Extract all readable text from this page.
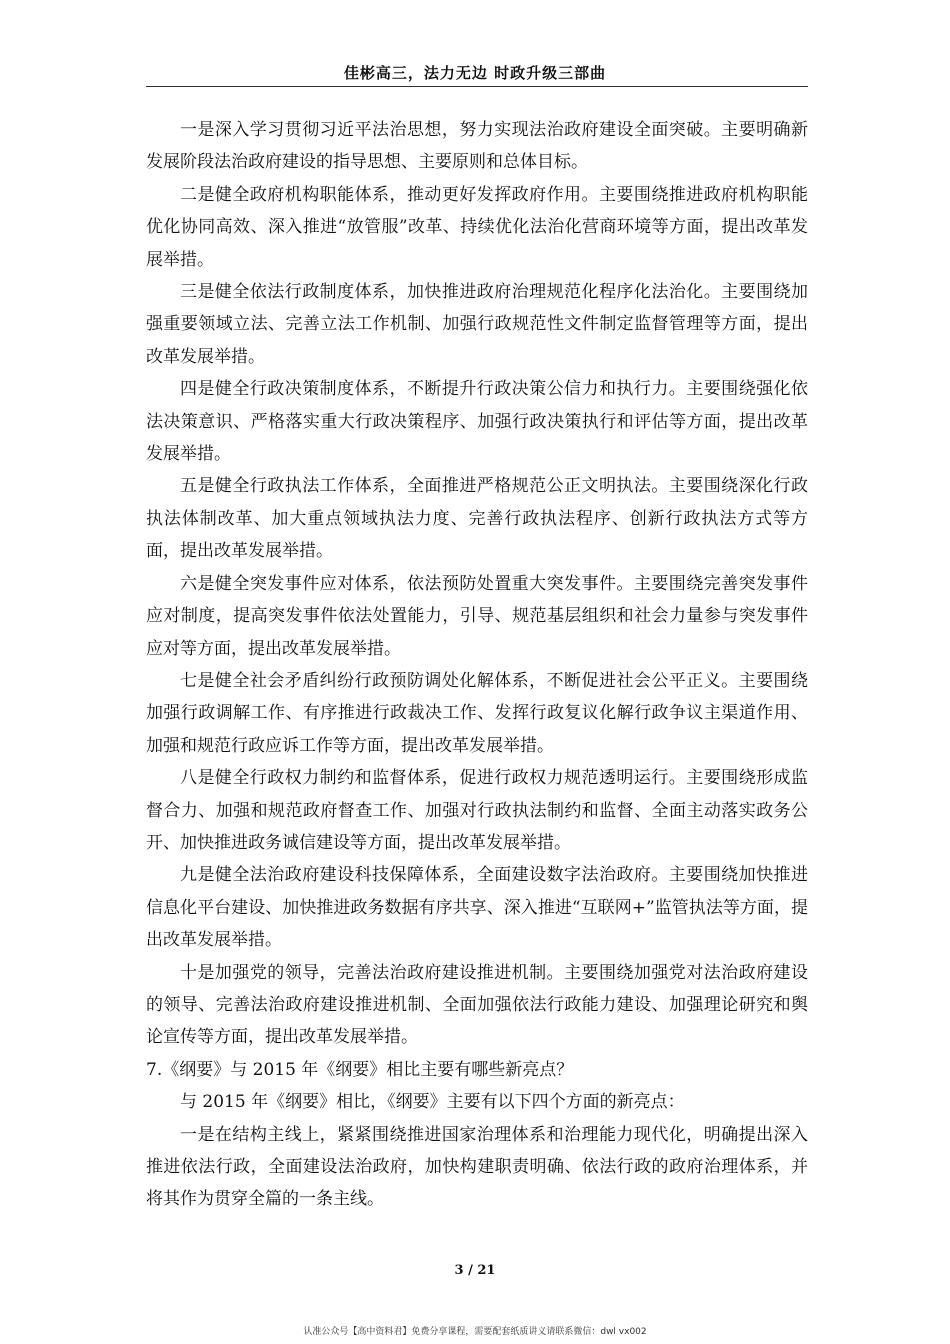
佳彬高三，法力无边 时政升级三部曲

一是深入学习贯彻习近平法治思想，努力实现法治政府建设全面突破。主要明确新发展阶段法治政府建设的指导思想、主要原则和总体目标。

二是健全政府机构职能体系，推动更好发挥政府作用。主要围绕推进政府机构职能优化协同高效、深入推进“放管服”改革、持续优化法治化营商环境等方面，提出改革发展举措。

三是健全依法行政制度体系，加快推进政府治理规范化程序化法治化。主要围绕加强重要领域立法、完善立法工作机制、加强行政规范性文件制定监督管理等方面，提出改革发展举措。

四是健全行政决策制度体系，不断提升行政决策公信力和执行力。主要围绕强化依法决策意识、严格落实重大行政决策程序、加强行政决策执行和评估等方面，提出改革发展举措。

五是健全行政执法工作体系，全面推进严格规范公正文明执法。主要围绕深化行政执法体制改革、加大重点领域执法力度、完善行政执法程序、创新行政执法方式等方面，提出改革发展举措。

六是健全突发事件应对体系，依法预防处置重大突发事件。主要围绕完善突发事件应对制度，提高突发事件依法处置能力，引导、规范基层组织和社会力量参与突发事件应对等方面，提出改革发展举措。

七是健全社会矛盾纠纷行政预防调处化解体系，不断促进社会公平正义。主要围绕加强行政调解工作、有序推进行政裁决工作、发挥行政复议化解行政争议主渠道作用、加强和规范行政应诉工作等方面，提出改革发展举措。

八是健全行政权力制约和监督体系，促进行政权力规范透明运行。主要围绕形成监督合力、加强和规范政府督查工作、加强对行政执法制约和监督、全面主动落实政务公开、加快推进政务诚信建设等方面，提出改革发展举措。

九是健全法治政府建设科技保障体系，全面建设数字法治政府。主要围绕加快推进信息化平台建设、加快推进政务数据有序共享、深入推进“互联网+”监管执法等方面，提出改革发展举措。

十是加强党的领导，完善法治政府建设推进机制。主要围绕加强党对法治政府建设的领导、完善法治政府建设推进机制、全面加强依法行政能力建设、加强理论研究和舆论宣传等方面，提出改革发展举措。

7.《纲要》与 2015 年《纲要》相比主要有哪些新亮点？

与 2015 年《纲要》相比，《纲要》主要有以下四个方面的新亮点：

一是在结构主线上，紧紧围绕推进国家治理体系和治理能力现代化，明确提出深入推进依法行政，全面建设法治政府，加快构建职责明确、依法行政的政府治理体系，并将其作为贯穿全篇的一条主线。

3 / 21
认准公众号【高中资料君】免费分享课程，需要配套纸质讲义请联系微信：dwl vx002
